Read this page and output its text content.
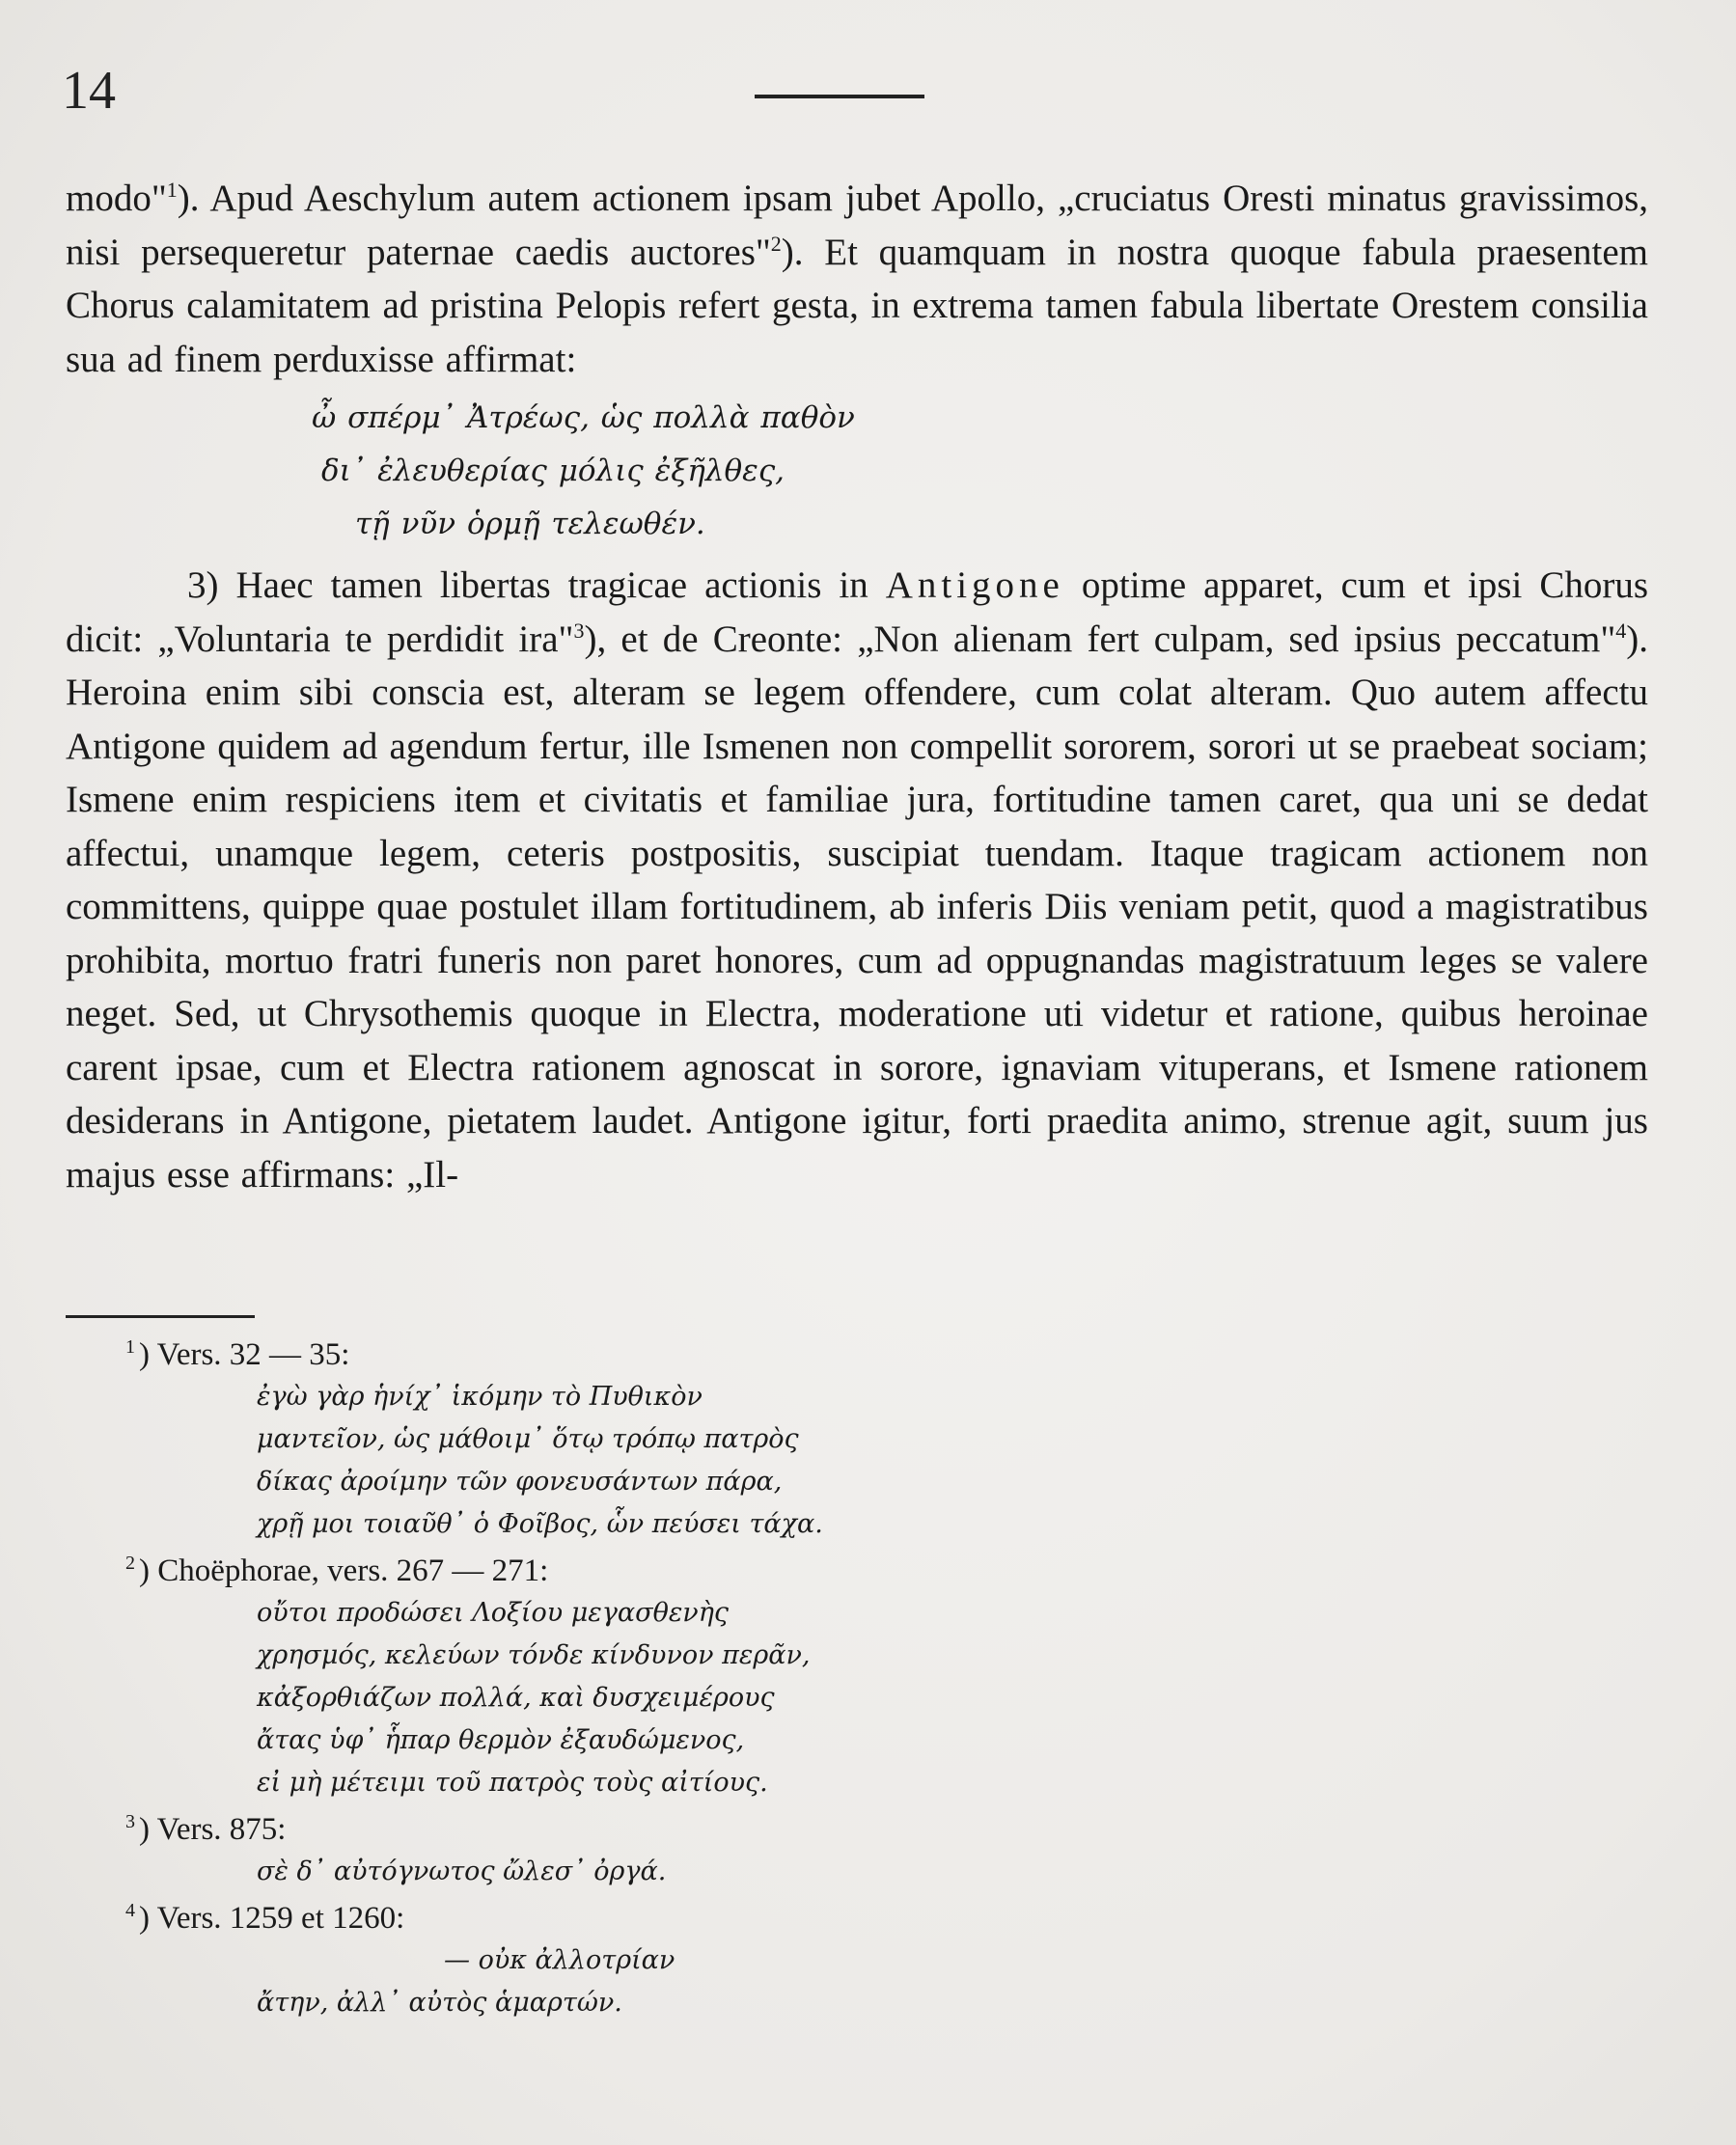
14

modo"$^1$). Apud Aeschylum autem actionem ipsam jubet Apollo, „cruciatus Oresti minatus gravissimos, nisi persequeretur paternae caedis auctores"$^2$). Et quamquam in nostra quoque fabula praesentem Chorus calamitatem ad pristina Pelopis refert gesta, in extrema tamen fabula libertate Orestem consilia sua ad finem perduxisse affirmat:

ὦ σπέρμ᾽ Ἀτρέως, ὡς πολλὰ παθὸν
δι᾽ ἐλευθερίας μόλις ἐξῆλθες,
τῇ νῦν ὁρμῇ τελεωθέν.

3) Haec tamen libertas tragicae actionis in Antigone optime apparet, cum et ipsi Chorus dicit: „Voluntaria te perdidit ira"$^3$), et de Creonte: „Non alienam fert culpam, sed ipsius peccatum"$^4$). Heroina enim sibi conscia est, alteram se legem offendere, cum colat alteram. Quo autem affectu Antigone quidem ad agendum fertur, ille Ismenen non compellit sororem, sorori ut se praebeat sociam; Ismene enim respiciens item et civitatis et familiae jura, fortitudine tamen caret, qua uni se dedat affectui, unamque legem, ceteris postpositis, suscipiat tuendam. Itaque tragicam actionem non committens, quippe quae postulet illam fortitudinem, ab inferis Diis veniam petit, quod a magistratibus prohibita, mortuo fratri funeris non paret honores, cum ad oppugnandas magistratuum leges se valere neget. Sed, ut Chrysothemis quoque in Electra, moderatione uti videtur et ratione, quibus heroinae carent ipsae, cum et Electra rationem agnoscat in sorore, ignaviam vituperans, et Ismene rationem desiderans in Antigone, pietatem laudet. Antigone igitur, forti praedita animo, strenue agit, suum jus majus esse affirmans: „Il-

$^1$ ) Vers. 32 — 35:
ἐγὼ γὰρ ἡνίχ᾽ ἱκόμην τὸ Πυθικὸν
μαντεῖον, ὡς μάθοιμ᾽ ὅτῳ τρόπῳ πατρὸς
δίκας ἀροίμην τῶν φονευσάντων πάρα,
χρῇ μοι τοιαῦθ᾽ ὁ Φοῖβος, ὧν πεύσει τάχα.
$^2$ ) Choëphorae, vers. 267 — 271:
οὔτοι προδώσει Λοξίου μεγασθενὴς
χρησμός, κελεύων τόνδε κίνδυνον περᾶν,
κἀξορθιάζων πολλά, καὶ δυσχειμέρους
ἄτας ὑφ᾽ ἧπαρ θερμὸν ἐξαυδώμενος,
εἰ μὴ μέτειμι τοῦ πατρὸς τοὺς αἰτίους.
$^3$ ) Vers. 875:
σὲ δ᾽ αὐτόγνωτος ὤλεσ᾽ ὀργά.
$^4$ ) Vers. 1259 et 1260:
— οὐκ ἀλλοτρίαν
ἄτην, ἀλλ᾽ αὐτὸς ἁμαρτών.
